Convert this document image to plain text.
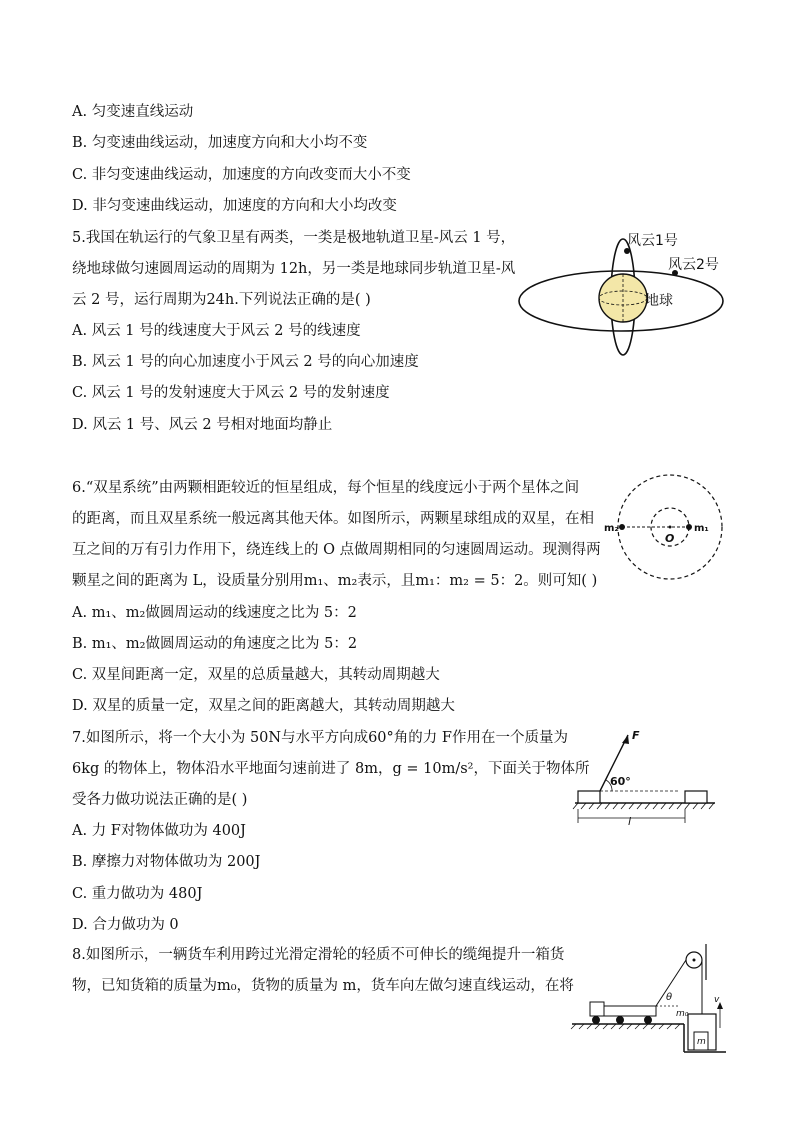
A. 匀变速直线运动
B. 匀变速曲线运动，加速度方向和大小均不变
C. 非匀变速曲线运动，加速度的方向改变而大小不变
D. 非匀变速曲线运动，加速度的方向和大小均改变
5.我国在轨运行的气象卫星有两类，一类是极地轨道卫星-风云 1 号，
绕地球做匀速圆周运动的周期为 12h，另一类是地球同步轨道卫星-风
云 2 号，运行周期为24h.下列说法正确的是( )
A. 风云 1 号的线速度大于风云 2 号的线速度
B. 风云 1 号的向心加速度小于风云 2 号的向心加速度
C. 风云 1 号的发射速度大于风云 2 号的发射速度
D. 风云 1 号、风云 2 号相对地面均静止
风云1号
风云2号
地球
6.“双星系统”由两颗相距较近的恒星组成，每个恒星的线度远小于两个星体之间
的距离，而且双星系统一般远离其他天体。如图所示，两颗星球组成的双星，在相
互之间的万有引力作用下，绕连线上的 O 点做周期相同的匀速圆周运动。现测得两
颗星之间的距离为 L，设质量分别用m₁、m₂表示，且m₁：m₂ = 5：2。则可知( )
A. m₁、m₂做圆周运动的线速度之比为 5：2
B. m₁、m₂做圆周运动的角速度之比为 5：2
C. 双星间距离一定，双星的总质量越大，其转动周期越大
D. 双星的质量一定，双星之间的距离越大，其转动周期越大
m₂	m₁
O
7.如图所示，将一个大小为 50N与水平方向成60°角的力 F作用在一个质量为
6kg 的物体上，物体沿水平地面匀速前进了 8m，g = 10m/s²，下面关于物体所
受各力做功说法正确的是( )
A. 力 F对物体做功为 400J
B. 摩擦力对物体做功为 200J
C. 重力做功为 480J
D. 合力做功为 0
F
60°
l
8.如图所示，一辆货车利用跨过光滑定滑轮的轻质不可伸长的缆绳提升一箱货
物，已知货箱的质量为m₀，货物的质量为 m，货车向左做匀速直线运动，在将
θ	v
m₀
m
